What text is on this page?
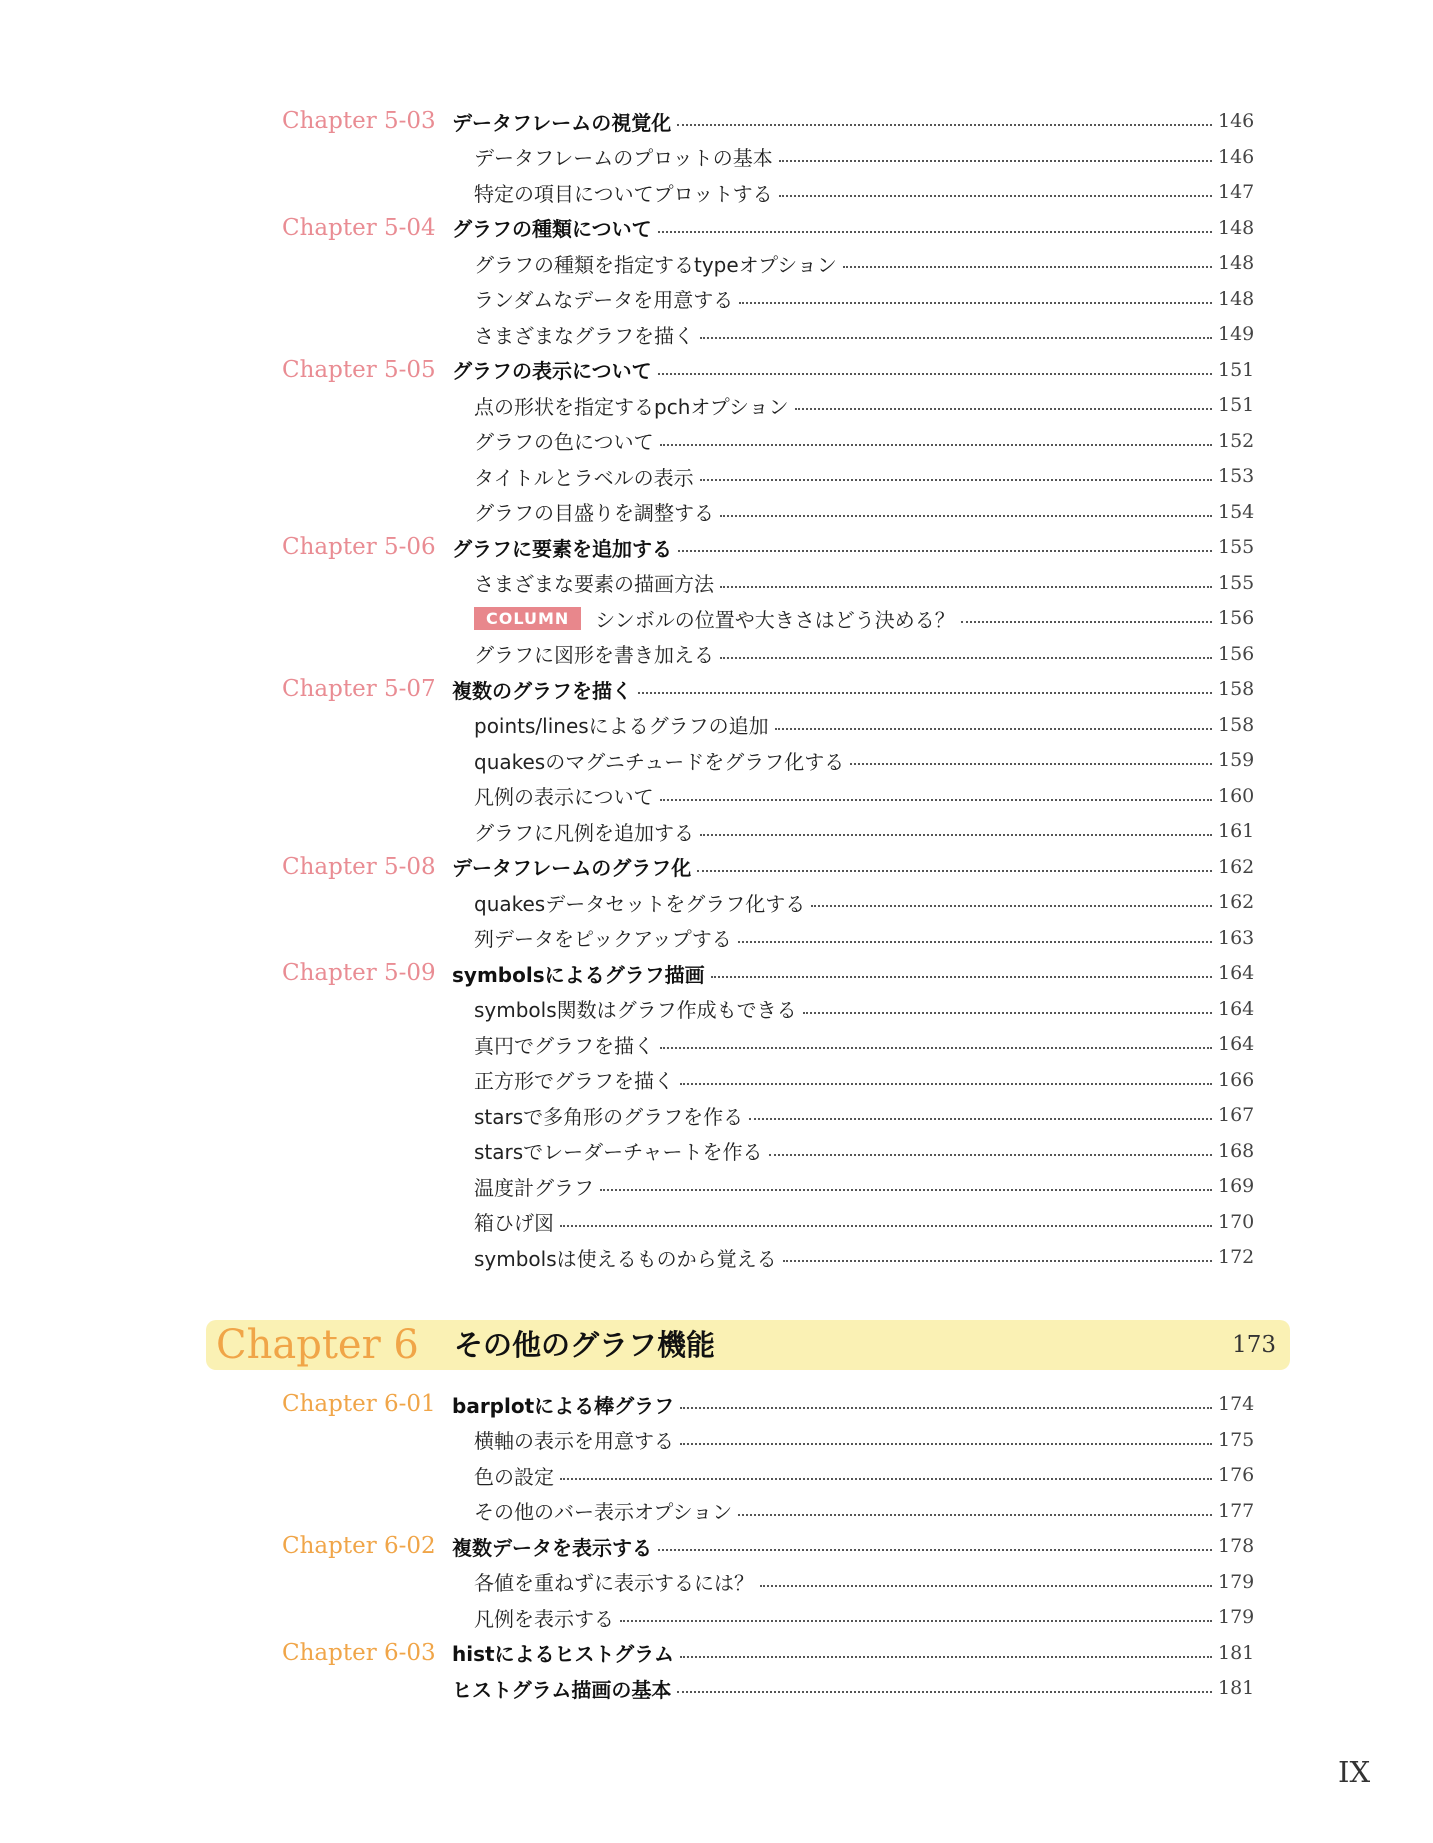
Chapter 5-03 データフレームの視覚化	146
データフレームのプロットの基本	146
特定の項目についてプロットする	147
Chapter 5-04 グラフの種類について	148
グラフの種類を指定するtypeオプション	148
ランダムなデータを用意する	148
さまざまなグラフを描く	149
Chapter 5-05 グラフの表示について	151
点の形状を指定するpchオプション	151
グラフの色について	152
タイトルとラベルの表示	153
グラフの目盛りを調整する	154
Chapter 5-06 グラフに要素を追加する	155
さまざまな要素の描画方法	155
COLUMN	シンボルの位置や大きさはどう決める？	156
グラフに図形を書き加える	156
Chapter 5-07 複数のグラフを描く	158
points/linesによるグラフの追加	158
quakesのマグニチュードをグラフ化する	159
凡例の表示について	160
グラフに凡例を追加する	161
Chapter 5-08 データフレームのグラフ化	162
quakesデータセットをグラフ化する	162
列データをピックアップする	163
Chapter 5-09 symbolsによるグラフ描画	164
symbols関数はグラフ作成もできる	164
真円でグラフを描く	164
正方形でグラフを描く	166
starsで多角形のグラフを作る	167
starsでレーダーチャートを作る	168
温度計グラフ	169
箱ひげ図	170
symbolsは使えるものから覚える	172
Chapter 6 その他のグラフ機能	173
Chapter 6-01 barplotによる棒グラフ	174
横軸の表示を用意する	175
色の設定	176
その他のバー表示オプション	177
Chapter 6-02 複数データを表示する	178
各値を重ねずに表示するには？	179
凡例を表示する	179
Chapter 6-03 histによるヒストグラム	181
ヒストグラム描画の基本	181
IX
